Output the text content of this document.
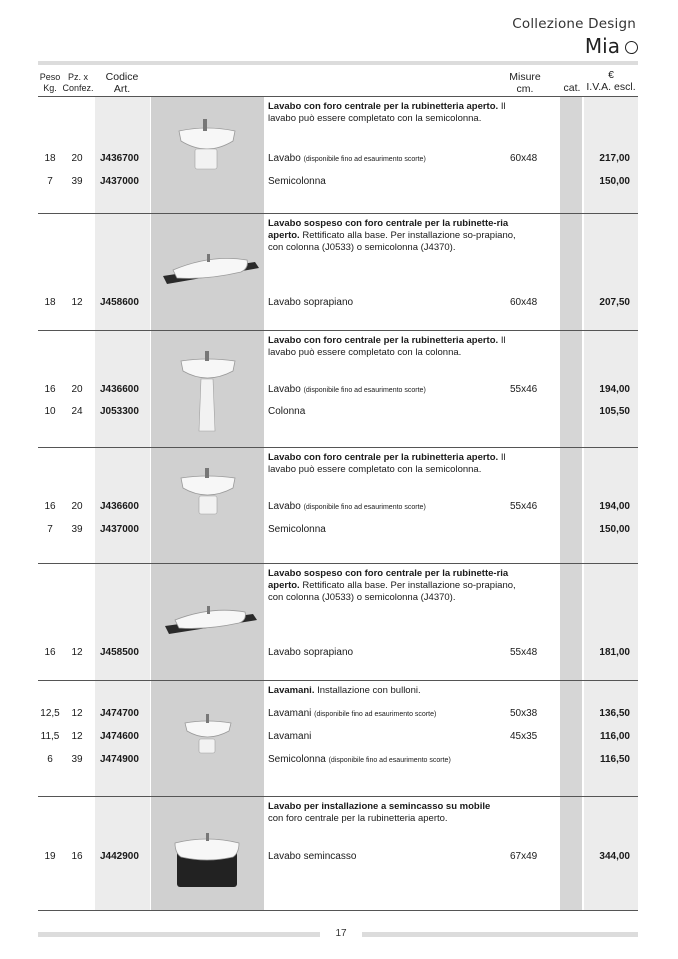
Collezione Design
Mia
Peso
Kg.
Pz. x
Confez.
Codice
Art.
Misure
cm.	cat.
€
I.V.A. escl.
Lavabo con foro centrale per la rubinetteria aperto. Il lavabo può essere completato con la semicolonna.
18	20	J436700	Lavabo (disponibile fino ad esaurimento scorte)	60x48	217,00
7	39	J437000	Semicolonna	150,00
Lavabo sospeso con foro centrale per la rubinette-ria aperto. Rettificato alla base. Per installazione so-prapiano, con colonna (J0533) o semicolonna (J4370).
18	12	J458600	Lavabo soprapiano	60x48	207,50
Lavabo con foro centrale per la rubinetteria aperto. Il lavabo può essere completato con la colonna.
16	20	J436600	Lavabo (disponibile fino ad esaurimento scorte)	55x46	194,00
10	24	J053300	Colonna	105,50
Lavabo con foro centrale per la rubinetteria aperto. Il lavabo può essere completato con la semicolonna.
16	20	J436600	Lavabo (disponibile fino ad esaurimento scorte)	55x46	194,00
7	39	J437000	Semicolonna	150,00
Lavabo sospeso con foro centrale per la rubinette-ria aperto. Rettificato alla base. Per installazione so-prapiano, con colonna (J0533) o semicolonna (J4370).
16	12	J458500	Lavabo soprapiano	55x48	181,00
Lavamani. Installazione con bulloni.
12,5	12	J474700	Lavamani (disponibile fino ad esaurimento scorte)	50x38	136,50
11,5	12	J474600	Lavamani	45x35	116,00
6	39	J474900	Semicolonna (disponibile fino ad esaurimento scorte)	116,50
Lavabo per installazione a semincasso su mobile
con foro centrale per la rubinetteria aperto.
19	16	J442900	Lavabo semincasso	67x49	344,00
17
